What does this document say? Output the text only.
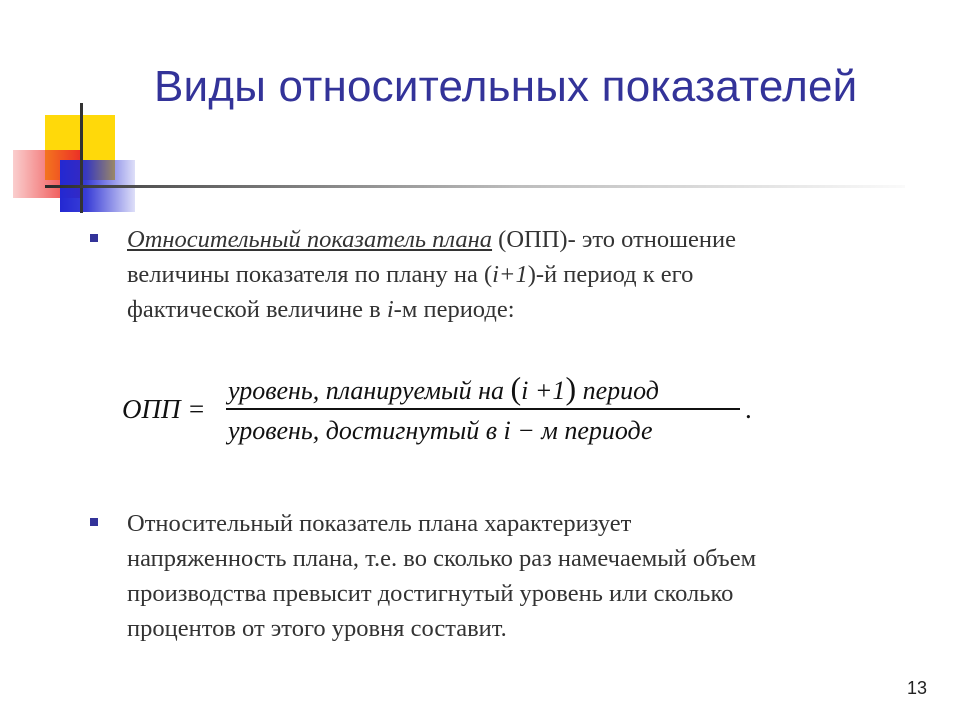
Виды относительных показателей

Относительный показатель плана (ОПП)- это отношение
величины показателя по плану на (i+1)-й период к его
фактической величине в i-м периоде:

ОПП =
уровень, планируемый на (i +1) период
уровень, достигнутый в i − м периоде
.

Относительный показатель плана характеризует
напряженность плана, т.е. во сколько раз намечаемый объем
производства превысит достигнутый уровень или сколько
процентов от этого уровня составит.

13
